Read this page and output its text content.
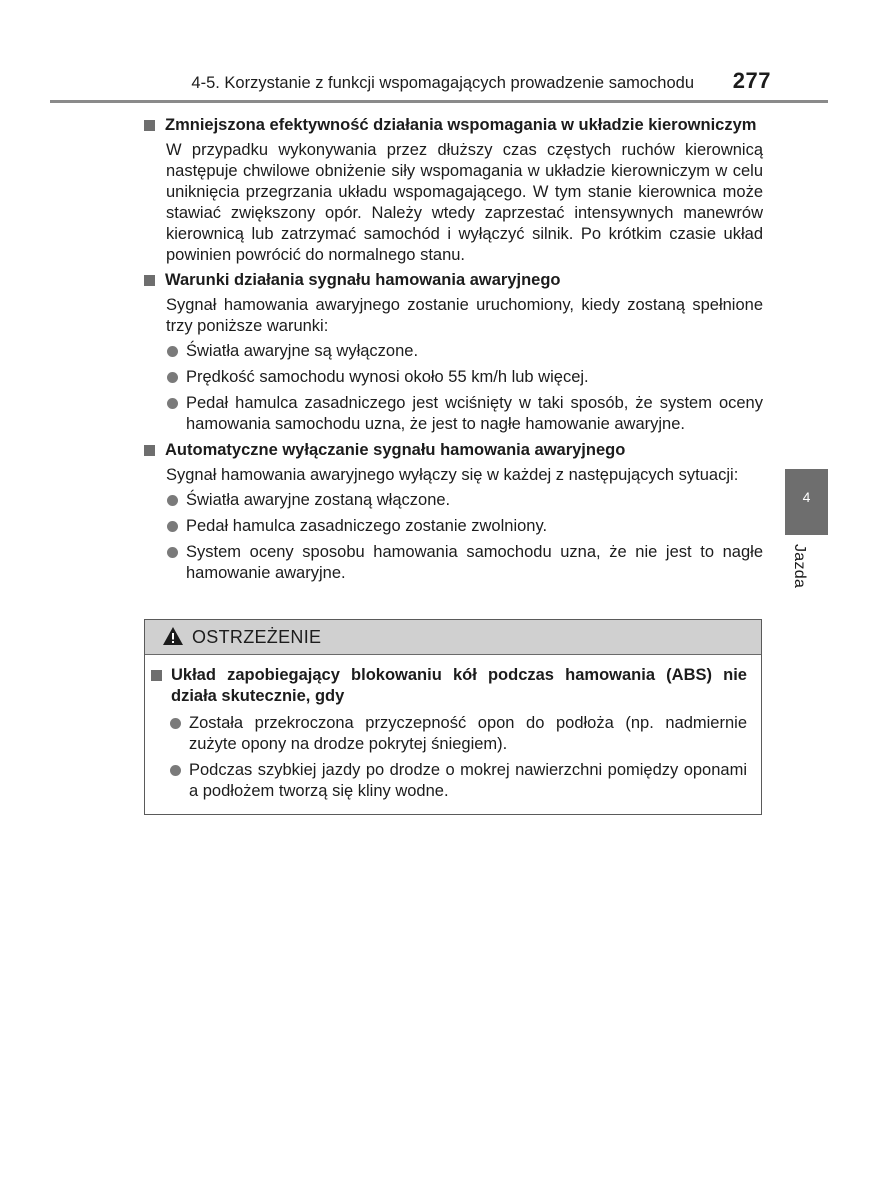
4-5. Korzystanie z funkcji wspomagających prowadzenie samochodu 277
Zmniejszona efektywność działania wspomagania w układzie kierowniczym
W przypadku wykonywania przez dłuższy czas częstych ruchów kierownicą następuje chwilowe obniżenie siły wspomagania w układzie kierowniczym w celu uniknięcia przegrzania układu wspomagającego. W tym stanie kierownica może stawiać zwiększony opór. Należy wtedy zaprzestać intensywnych manewrów kierownicą lub zatrzymać samochód i wyłączyć silnik. Po krótkim czasie układ powinien powrócić do normalnego stanu.
Warunki działania sygnału hamowania awaryjnego
Sygnał hamowania awaryjnego zostanie uruchomiony, kiedy zostaną spełnione trzy poniższe warunki:
Światła awaryjne są wyłączone.
Prędkość samochodu wynosi około 55 km/h lub więcej.
Pedał hamulca zasadniczego jest wciśnięty w taki sposób, że system oceny hamowania samochodu uzna, że jest to nagłe hamowanie awaryjne.
Automatyczne wyłączanie sygnału hamowania awaryjnego
Sygnał hamowania awaryjnego wyłączy się w każdej z następujących sytuacji:
Światła awaryjne zostaną włączone.
Pedał hamulca zasadniczego zostanie zwolniony.
System oceny sposobu hamowania samochodu uzna, że nie jest to nagłe hamowanie awaryjne.
OSTRZEŻENIE
Układ zapobiegający blokowaniu kół podczas hamowania (ABS) nie działa skutecznie, gdy
Została przekroczona przyczepność opon do podłoża (np. nadmiernie zużyte opony na drodze pokrytej śniegiem).
Podczas szybkiej jazdy po drodze o mokrej nawierzchni pomiędzy oponami a podłożem tworzą się kliny wodne.
4
Jazda
